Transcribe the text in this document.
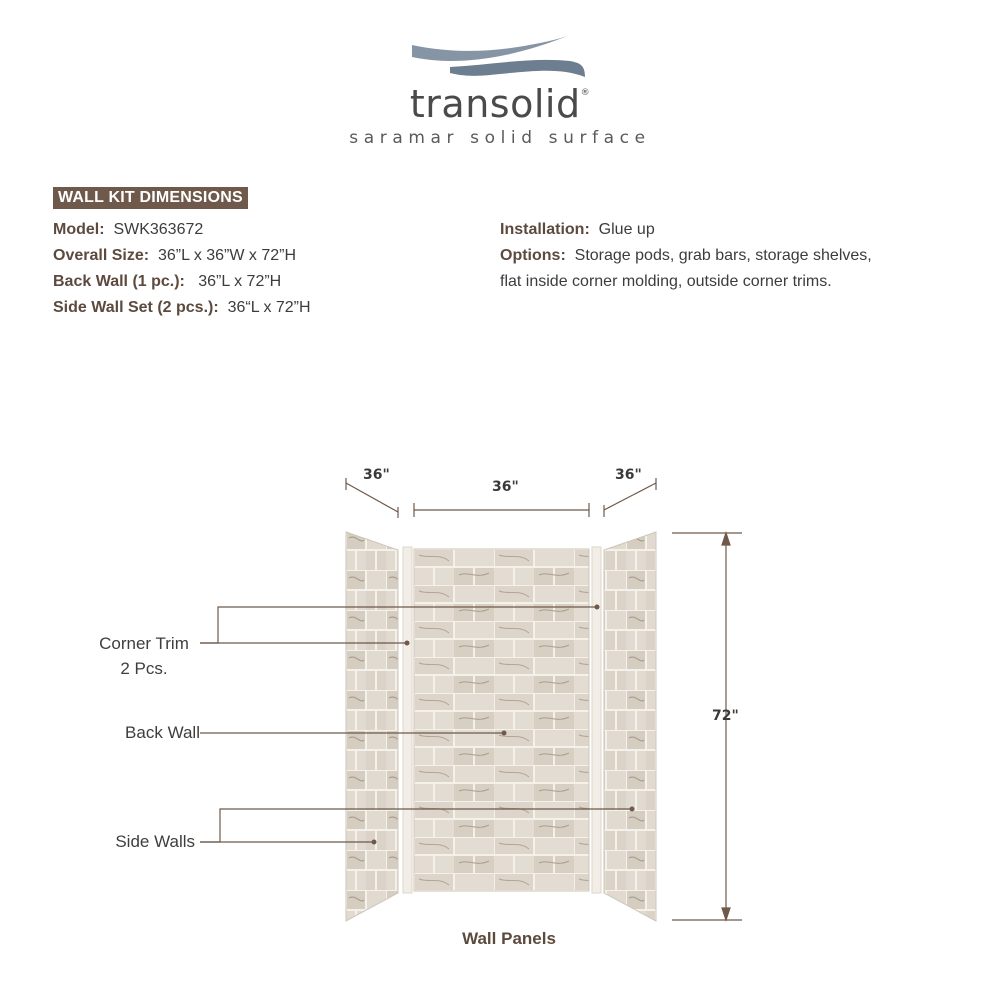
transolid®
saramar solid surface
WALL KIT DIMENSIONS
Model: SWK363672
Overall Size: 36”L x 36”W x 72”H
Back Wall (1 pc.): 36”L x 72”H
Side Wall Set (2 pcs.): 36“L x 72”H
Installation: Glue up
Options: Storage pods, grab bars, storage shelves, flat inside corner molding, outside corner trims.
36"
36"
36"
72"
Corner Trim
2 Pcs.
Back Wall
Side Walls
Wall Panels
